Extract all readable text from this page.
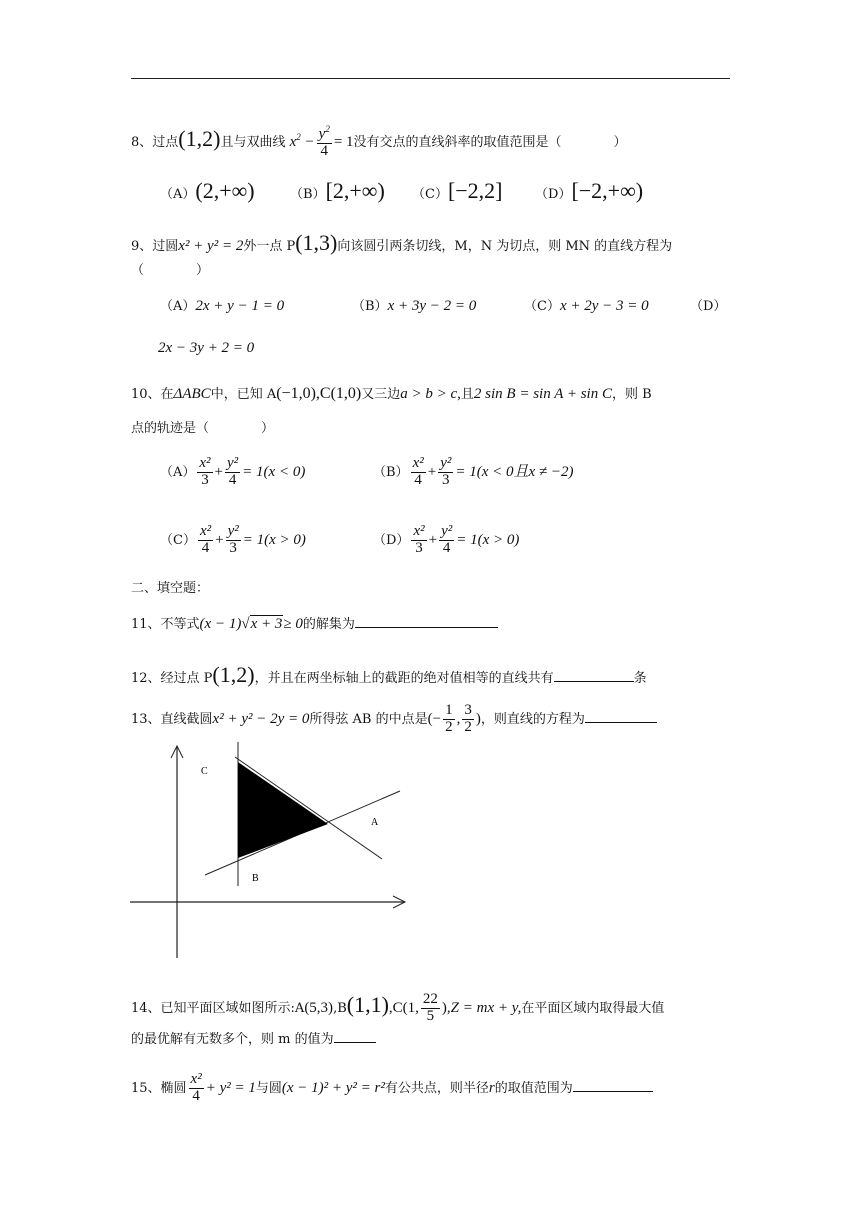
8、过点(1,2)且与双曲线 $x^2 - \frac{y^2}{4} = 1$没有交点的直线斜率的取值范围是（　　　　）
（A）(2,+∞)	（B）[2,+∞) （C）[−2,2] （D）[−2,+∞)
9、过圆x² + y² = 2外一点 P(1,3)向该圆引两条切线，M，N 为切点，则 MN 的直线方程为
（　　　　）
（A）2x + y − 1 = 0	（B）x + 3y − 2 = 0	（C）x + 2y − 3 = 0	（D）
2x − 3y + 2 = 0
10、在ΔABC中，已知 A(−1,0),C(1,0)又三边a > b > c,且2 sin B = sin A + sin C，则 B
点的轨迹是（　　　　）
$(A) \frac{\text{x²}}{3} + \frac{\text{y²}}{4} = 1(x < 0)$	$(B) \frac{\text{x²}}{4} + \frac{\text{y²}}{3} = 1(x < 0$且x ≠ −2)
$(C) \frac{\text{x²}}{4} + \frac{\text{y²}}{3} = 1(x > 0)$	$(D) \frac{\text{x²}}{3} + \frac{\text{y²}}{4} = 1(x > 0)$
二、填空题：
11、不等式(x − 1)√x + 3≥ 0的解集为
12、经过点 P(1,2)，并且在两坐标轴上的截距的绝对值相等的直线共有	条
13、直线截圆x² + y² − 2y = 0所得弦 AB 的中点是(− $\frac{1}{2}$ , $\frac{3}{2}$ )，则直线的方程为
C
A
B
14、已知平面区域如图所示:A(5,3),B(1,1),C(1, $\frac{22}{5} ),Z$ = mx + y,在平面区域内取得最大值
的最优解有无数多个，则 m 的值为
15、椭圆 $\frac{\text{x²}}{4} + y^2 = 1$与圆(x − 1)² + y² = r²有公共点，则半径r的取值范围为
